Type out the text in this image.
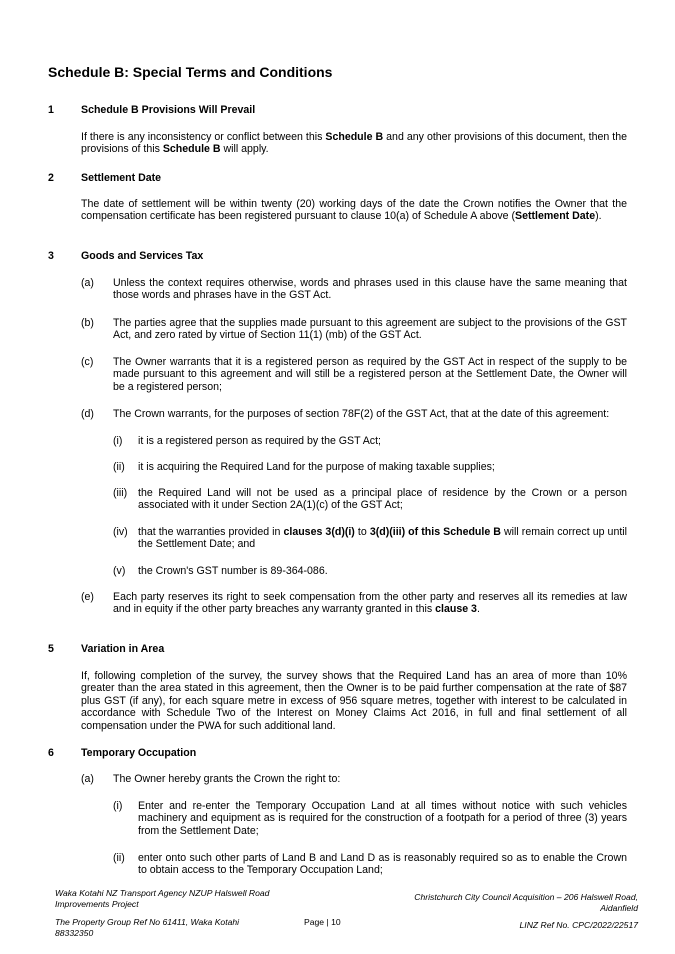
Schedule B: Special Terms and Conditions
1	Schedule B Provisions Will Prevail
If there is any inconsistency or conflict between this Schedule B and any other provisions of this document, then the provisions of this Schedule B will apply.
2	Settlement Date
The date of settlement will be within twenty (20) working days of the date the Crown notifies the Owner that the compensation certificate has been registered pursuant to clause 10(a) of Schedule A above (Settlement Date).
3	Goods and Services Tax
(a) Unless the context requires otherwise, words and phrases used in this clause have the same meaning that those words and phrases have in the GST Act.
(b) The parties agree that the supplies made pursuant to this agreement are subject to the provisions of the GST Act, and zero rated by virtue of Section 11(1) (mb) of the GST Act.
(c) The Owner warrants that it is a registered person as required by the GST Act in respect of the supply to be made pursuant to this agreement and will still be a registered person at the Settlement Date, the Owner will be a registered person;
(d) The Crown warrants, for the purposes of section 78F(2) of the GST Act, that at the date of this agreement:
(i) it is a registered person as required by the GST Act;
(ii) it is acquiring the Required Land for the purpose of making taxable supplies;
(iii) the Required Land will not be used as a principal place of residence by the Crown or a person associated with it under Section 2A(1)(c) of the GST Act;
(iv) that the warranties provided in clauses 3(d)(i) to 3(d)(iii) of this Schedule B will remain correct up until the Settlement Date; and
(v) the Crown's GST number is 89-364-086.
(e) Each party reserves its right to seek compensation from the other party and reserves all its remedies at law and in equity if the other party breaches any warranty granted in this clause 3.
5	Variation in Area
If, following completion of the survey, the survey shows that the Required Land has an area of more than 10% greater than the area stated in this agreement, then the Owner is to be paid further compensation at the rate of $87 plus GST (if any), for each square metre in excess of 956 square metres, together with interest to be calculated in accordance with Schedule Two of the Interest on Money Claims Act 2016, in full and final settlement of all compensation under the PWA for such additional land.
6	Temporary Occupation
(a) The Owner hereby grants the Crown the right to:
(i) Enter and re-enter the Temporary Occupation Land at all times without notice with such vehicles machinery and equipment as is required for the construction of a footpath for a period of three (3) years from the Settlement Date;
(ii) enter onto such other parts of Land B and Land D as is reasonably required so as to enable the Crown to obtain access to the Temporary Occupation Land;
Waka Kotahi NZ Transport Agency NZUP Halswell Road Improvements Project
The Property Group Ref No 61411, Waka Kotahi 88332350
Page | 10
Christchurch City Council Acquisition – 206 Halswell Road, Aidanfield
LINZ Ref No. CPC/2022/22517
